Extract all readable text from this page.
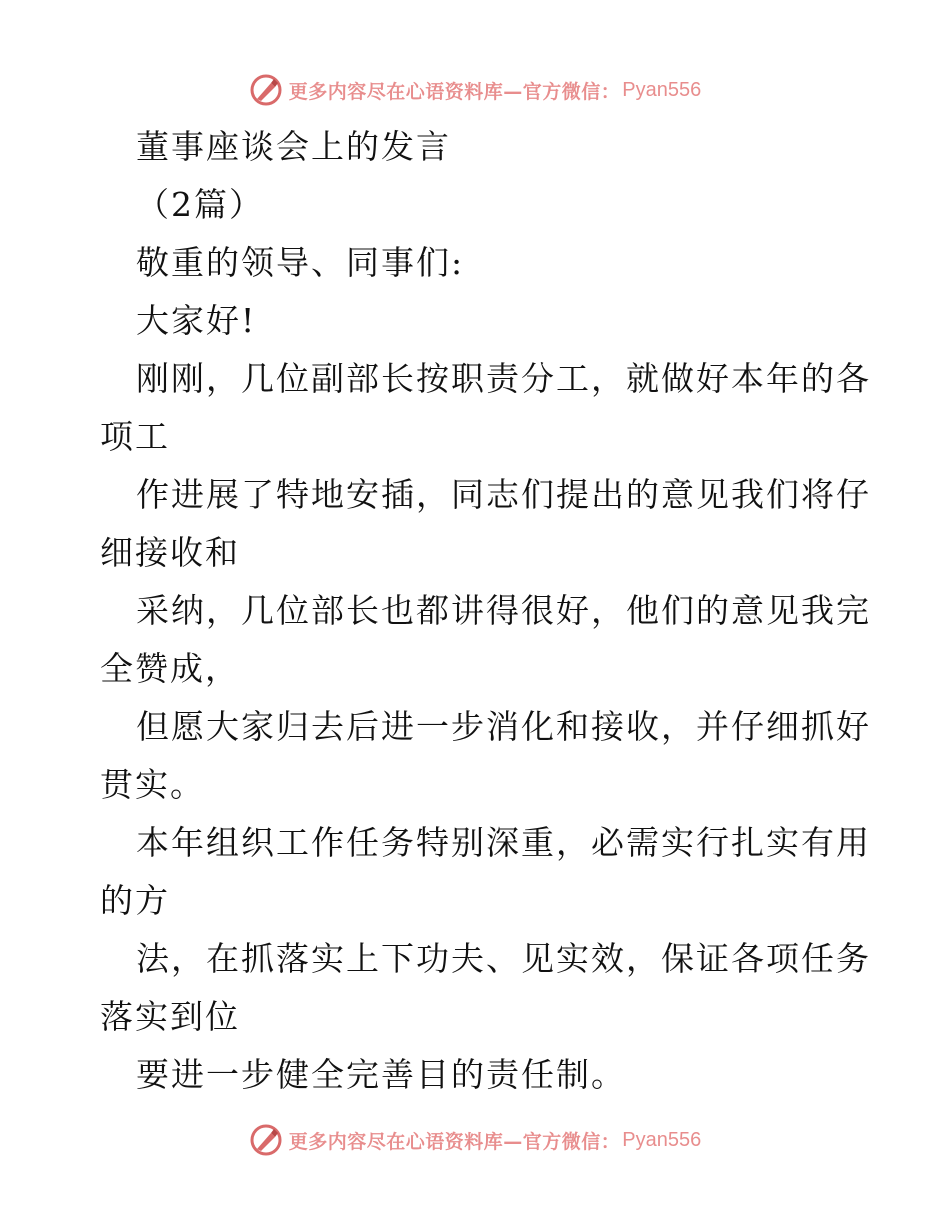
更多内容尽在心语资料库—官方微信： Pyan556
董事座谈会上的发言
（2篇）
敬重的领导、同事们:
大家好!
刚刚，几位副部长按职责分工，就做好本年的各
项工
作进展了特地安插，同志们提出的意见我们将仔
细接收和
采纳，几位部长也都讲得很好，他们的意见我完
全赞成，
但愿大家归去后进一步消化和接收，并仔细抓好
贯实。
本年组织工作任务特别深重，必需实行扎实有用
的方
法，在抓落实上下功夫、见实效，保证各项任务
落实到位
要进一步健全完善目的责任制。
更多内容尽在心语资料库—官方微信： Pyan556
